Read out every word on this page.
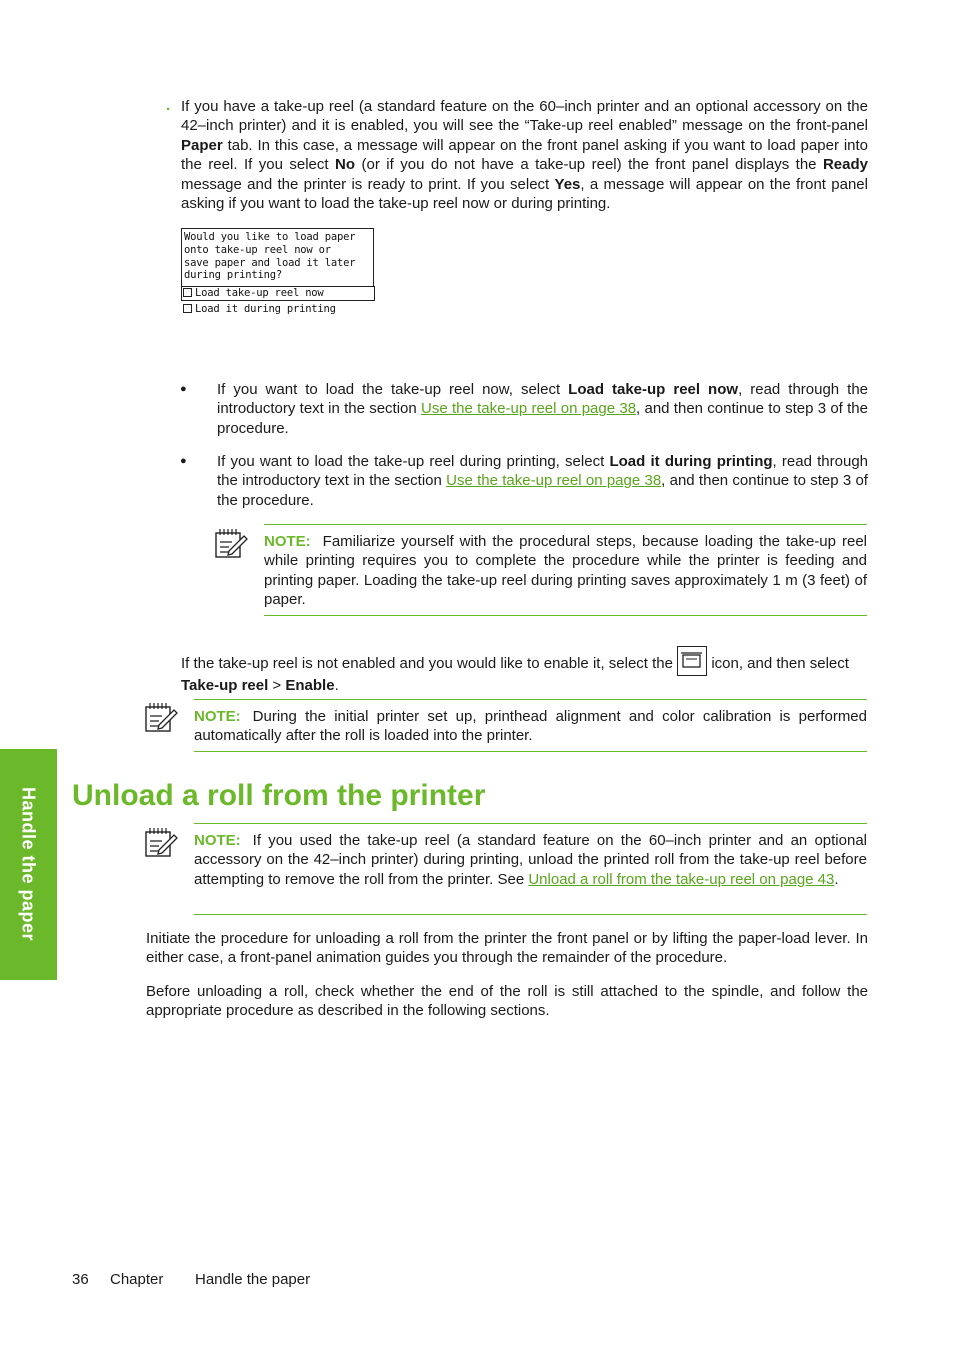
. If you have a take-up reel (a standard feature on the 60–inch printer and an optional accessory on the 42–inch printer) and it is enabled, you will see the “Take-up reel enabled” message on the front-panel Paper tab. In this case, a message will appear on the front panel asking if you want to load paper into the reel. If you select No (or if you do not have a take-up reel) the front panel displays the Ready message and the printer is ready to print. If you select Yes, a message will appear on the front panel asking if you want to load the take-up reel now or during printing.

Would you like to load paper
onto take-up reel now or
save paper and load it later
during printing?
Load take-up reel now
Load it during printing
● If you want to load the take-up reel now, select Load take-up reel now, read through the introductory text in the section Use the take-up reel on page 38, and then continue to step 3 of the procedure.

● If you want to load the take-up reel during printing, select Load it during printing, read through the introductory text in the section Use the take-up reel on page 38, and then continue to step 3 of the procedure.

NOTE: Familiarize yourself with the procedural steps, because loading the take-up reel while printing requires you to complete the procedure while the printer is feeding and printing paper. Loading the take-up reel during printing saves approximately 1 m (3 feet) of paper.

If the take-up reel is not enabled and you would like to enable it, select the
icon, and then select Take-up reel > Enable.

NOTE: During the initial printer set up, printhead alignment and color calibration is performed automatically after the roll is loaded into the printer.

Handle the paper Unload a roll from the printer

NOTE: If you used the take-up reel (a standard feature on the 60–inch printer and an optional accessory on the 42–inch printer) during printing, unload the printed roll from the take-up reel before attempting to remove the roll from the printer. See Unload a roll from the take-up reel on page 43.

Initiate the procedure for unloading a roll from the printer the front panel or by lifting the paper-load lever. In either case, a front-panel animation guides you through the remainder of the procedure.

Before unloading a roll, check whether the end of the roll is still attached to the spindle, and follow the appropriate procedure as described in the following sections.

36 Chapter Handle the paper
